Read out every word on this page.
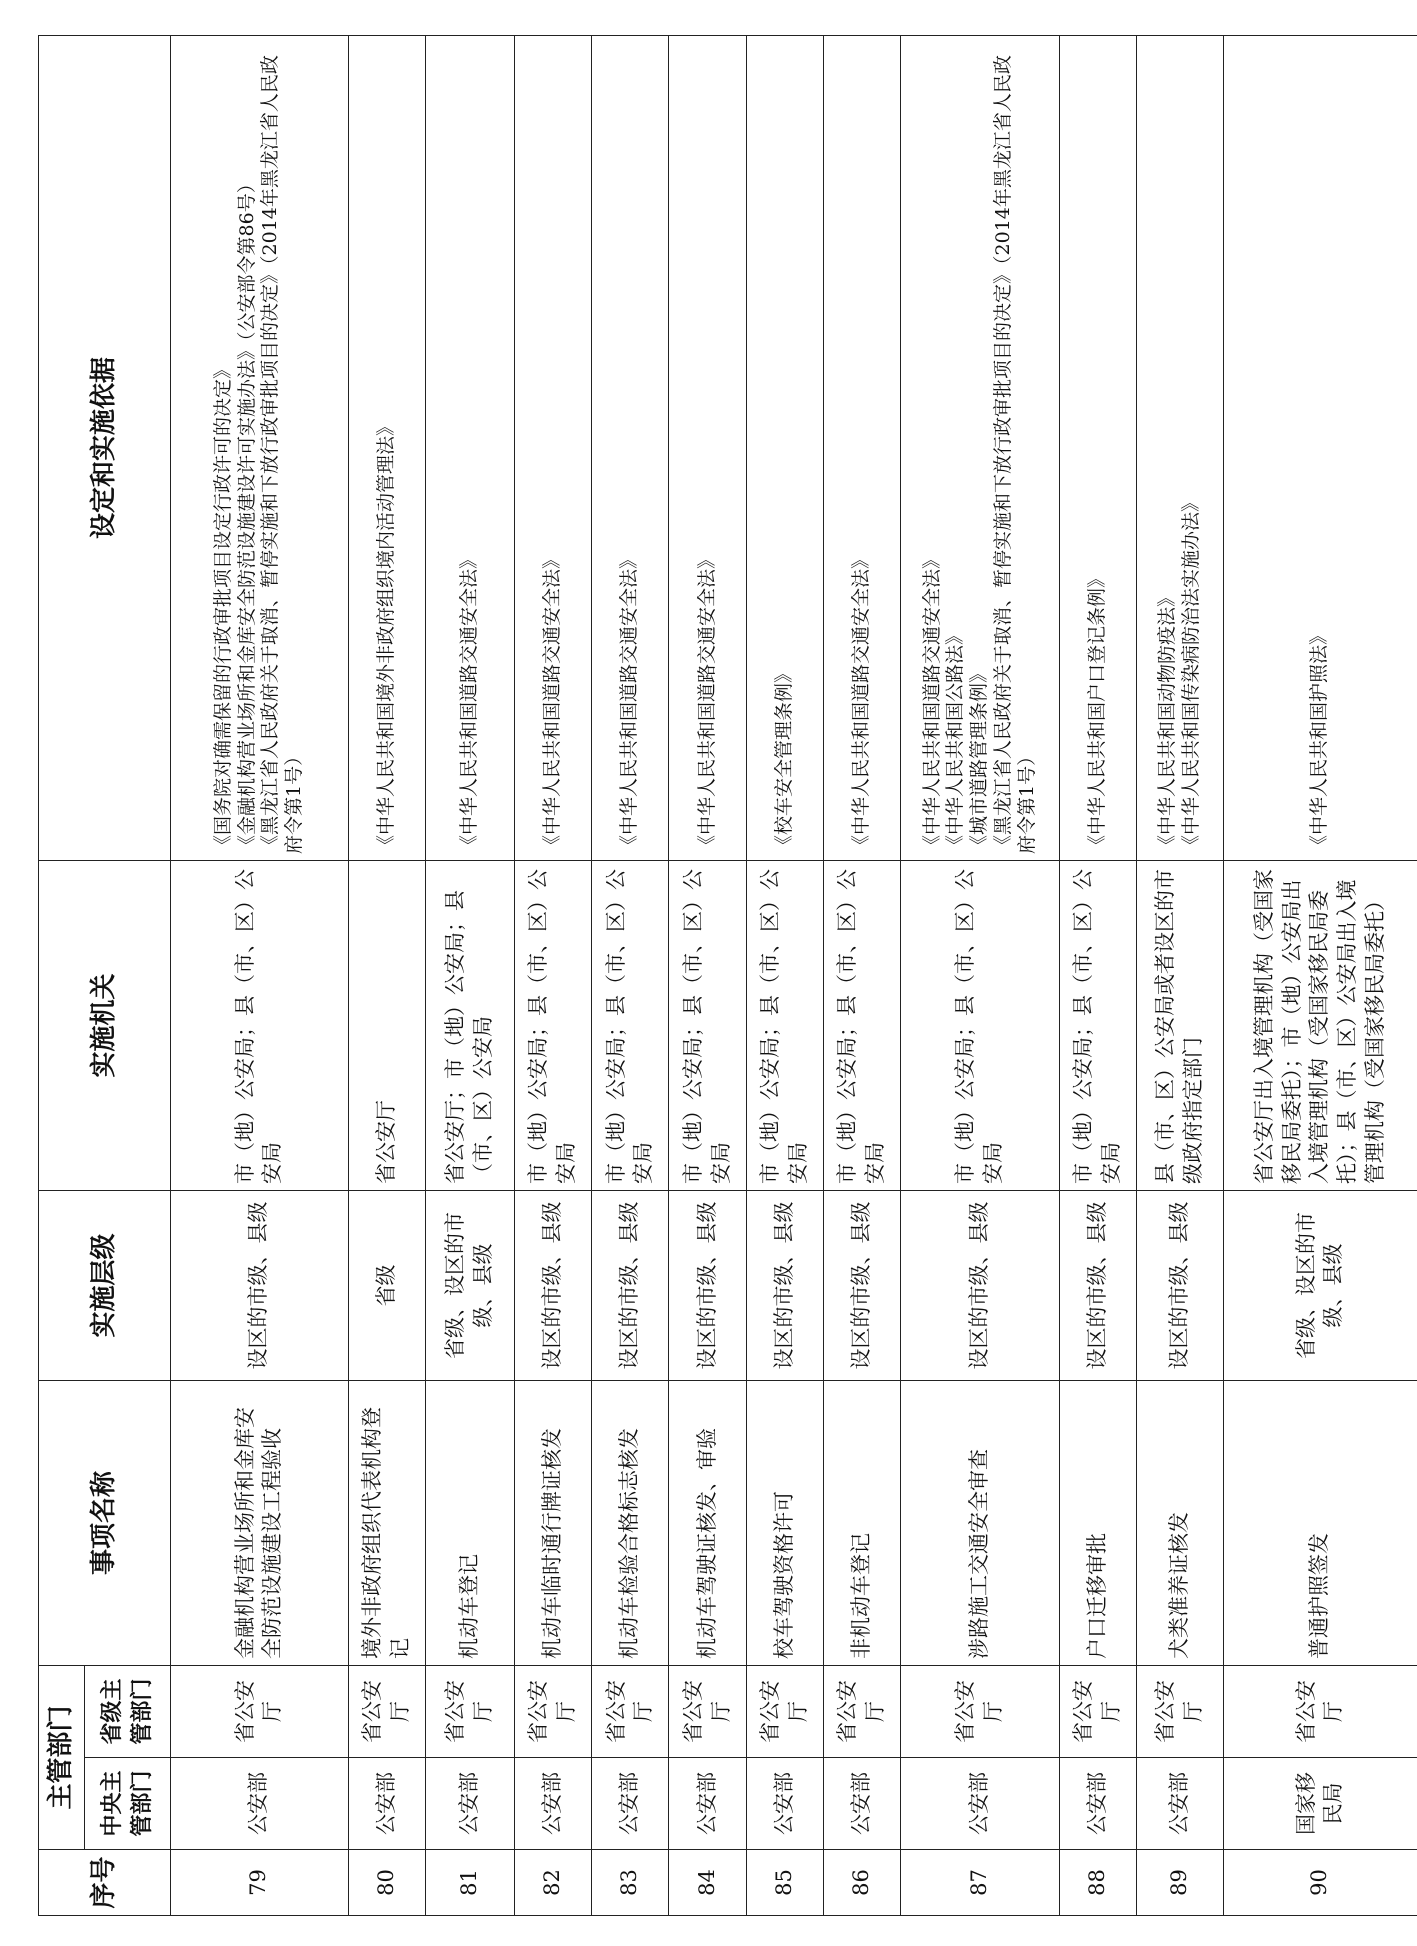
序号	主管部门		事项名称	实施层级	实施机关	设定和实施依据
	中央主管部门	省级主管部门				
79	公安部	省公安厅	金融机构营业场所和金库安全防范设施建设工程验收	设区的市级、县级	市（地）公安局；县（市、区）公安局	《国务院对确需保留的行政审批项目设定行政许可的决定》 《金融机构营业场所和金库安全防范设施建设许可实施办法》（公安部令第86号） 《黑龙江省人民政府关于取消、暂停实施和下放行政审批项目的决定》（2014年黑龙江省人民政府令第1号）

80	公安部	省公安厅	境外非政府组织代表机构登记	省级	省公安厅	《中华人民共和国境外非政府组织境内活动管理法》

81	公安部	省公安厅	机动车登记	省级、设区的市级、县级	省公安厅；市（地）公安局；县（市、区）公安局	《中华人民共和国道路交通安全法》

82	公安部	省公安厅	机动车临时通行牌证核发	设区的市级、县级	市（地）公安局；县（市、区）公安局	《中华人民共和国道路交通安全法》

83	公安部	省公安厅	机动车检验合格标志核发	设区的市级、县级	市（地）公安局；县（市、区）公安局	《中华人民共和国道路交通安全法》

84	公安部	省公安厅	机动车驾驶证核发、审验	设区的市级、县级	市（地）公安局；县（市、区）公安局	《中华人民共和国道路交通安全法》

85	公安部	省公安厅	校车驾驶资格许可	设区的市级、县级	市（地）公安局；县（市、区）公安局	《校车安全管理条例》

86	公安部	省公安厅	非机动车登记	设区的市级、县级	市（地）公安局；县（市、区）公安局	《中华人民共和国道路交通安全法》

87	公安部	省公安厅	涉路施工交通安全审查	设区的市级、县级	市（地）公安局；县（市、区）公安局	《中华人民共和国道路交通安全法》 《中华人民共和国公路法》 《城市道路管理条例》 《黑龙江省人民政府关于取消、暂停实施和下放行政审批项目的决定》（2014年黑龙江省人民政府令第1号）

88	公安部	省公安厅	户口迁移审批	设区的市级、县级	市（地）公安局；县（市、区）公安局	《中华人民共和国户口登记条例》

89	公安部	省公安厅	犬类准养证核发	设区的市级、县级	县（市、区）公安局或者设区的市级政府指定部门	《中华人民共和国动物防疫法》 《中华人民共和国传染病防治法实施办法》

90	国家移民局	省公安厅	普通护照签发	省级、设区的市级、县级	省公安厅出入境管理机构（受国家移民局委托）；市（地）公安局出入境管理机构（受国家移民局委托）；县（市、区）公安局出入境管理机构（受国家移民局委托）	《中华人民共和国护照法》
